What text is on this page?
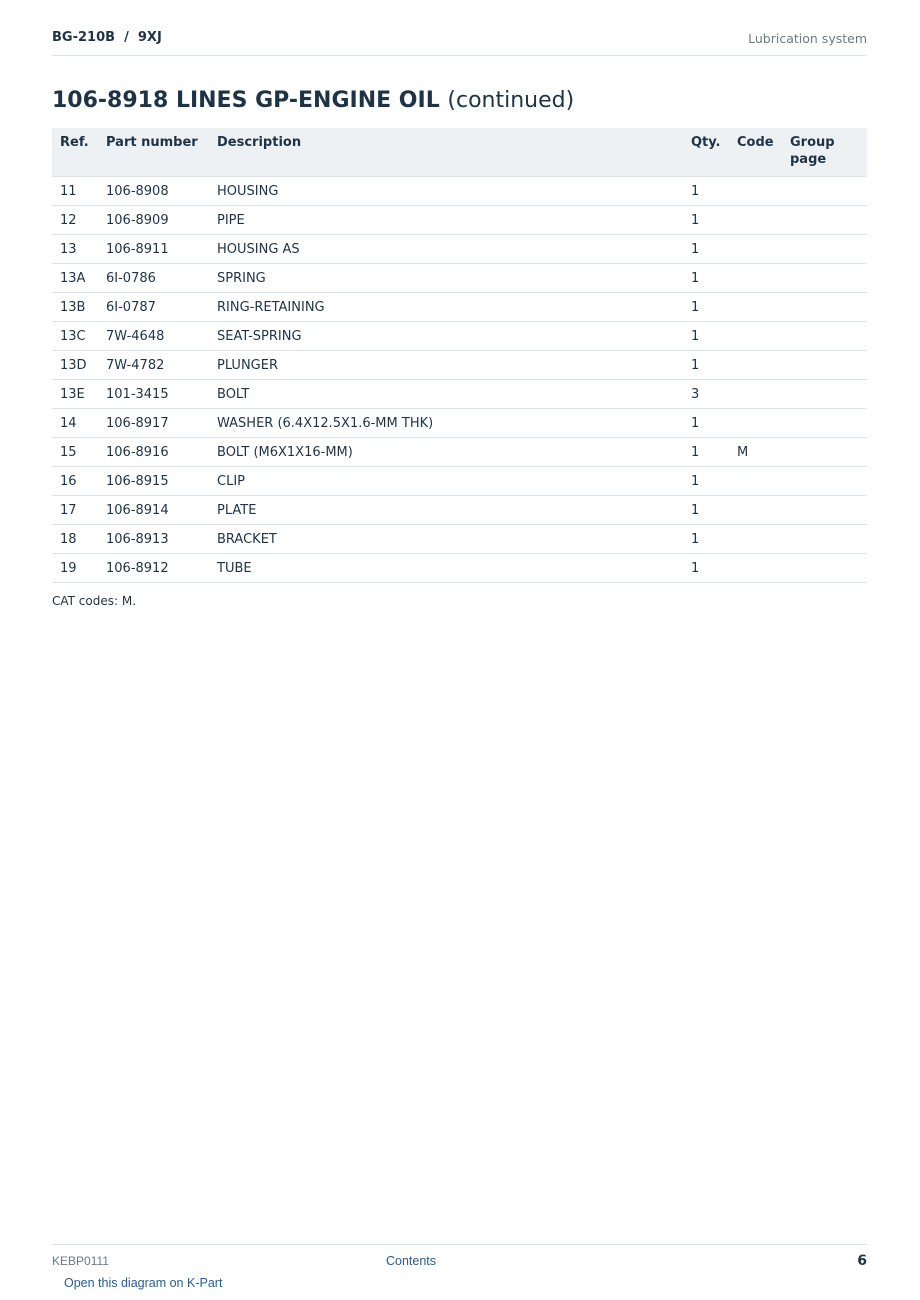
BG-210B  /  9XJ	Lubrication system
106-8918 LINES GP-ENGINE OIL (continued)
Ref.	Part number	Description	Qty.	Code	Group page
11	106-8908	HOUSING	1		
12	106-8909	PIPE	1		
13	106-8911	HOUSING AS	1		
13A	6I-0786	SPRING	1		
13B	6I-0787	RING-RETAINING	1		
13C	7W-4648	SEAT-SPRING	1		
13D	7W-4782	PLUNGER	1		
13E	101-3415	BOLT	3		
14	106-8917	WASHER (6.4X12.5X1.6-MM THK)	1		
15	106-8916	BOLT (M6X1X16-MM)	1	M	
16	106-8915	CLIP	1		
17	106-8914	PLATE	1		
18	106-8913	BRACKET	1		
19	106-8912	TUBE	1		
CAT codes: M.
KEBP0111	Contents	6
Open this diagram on K-Part
